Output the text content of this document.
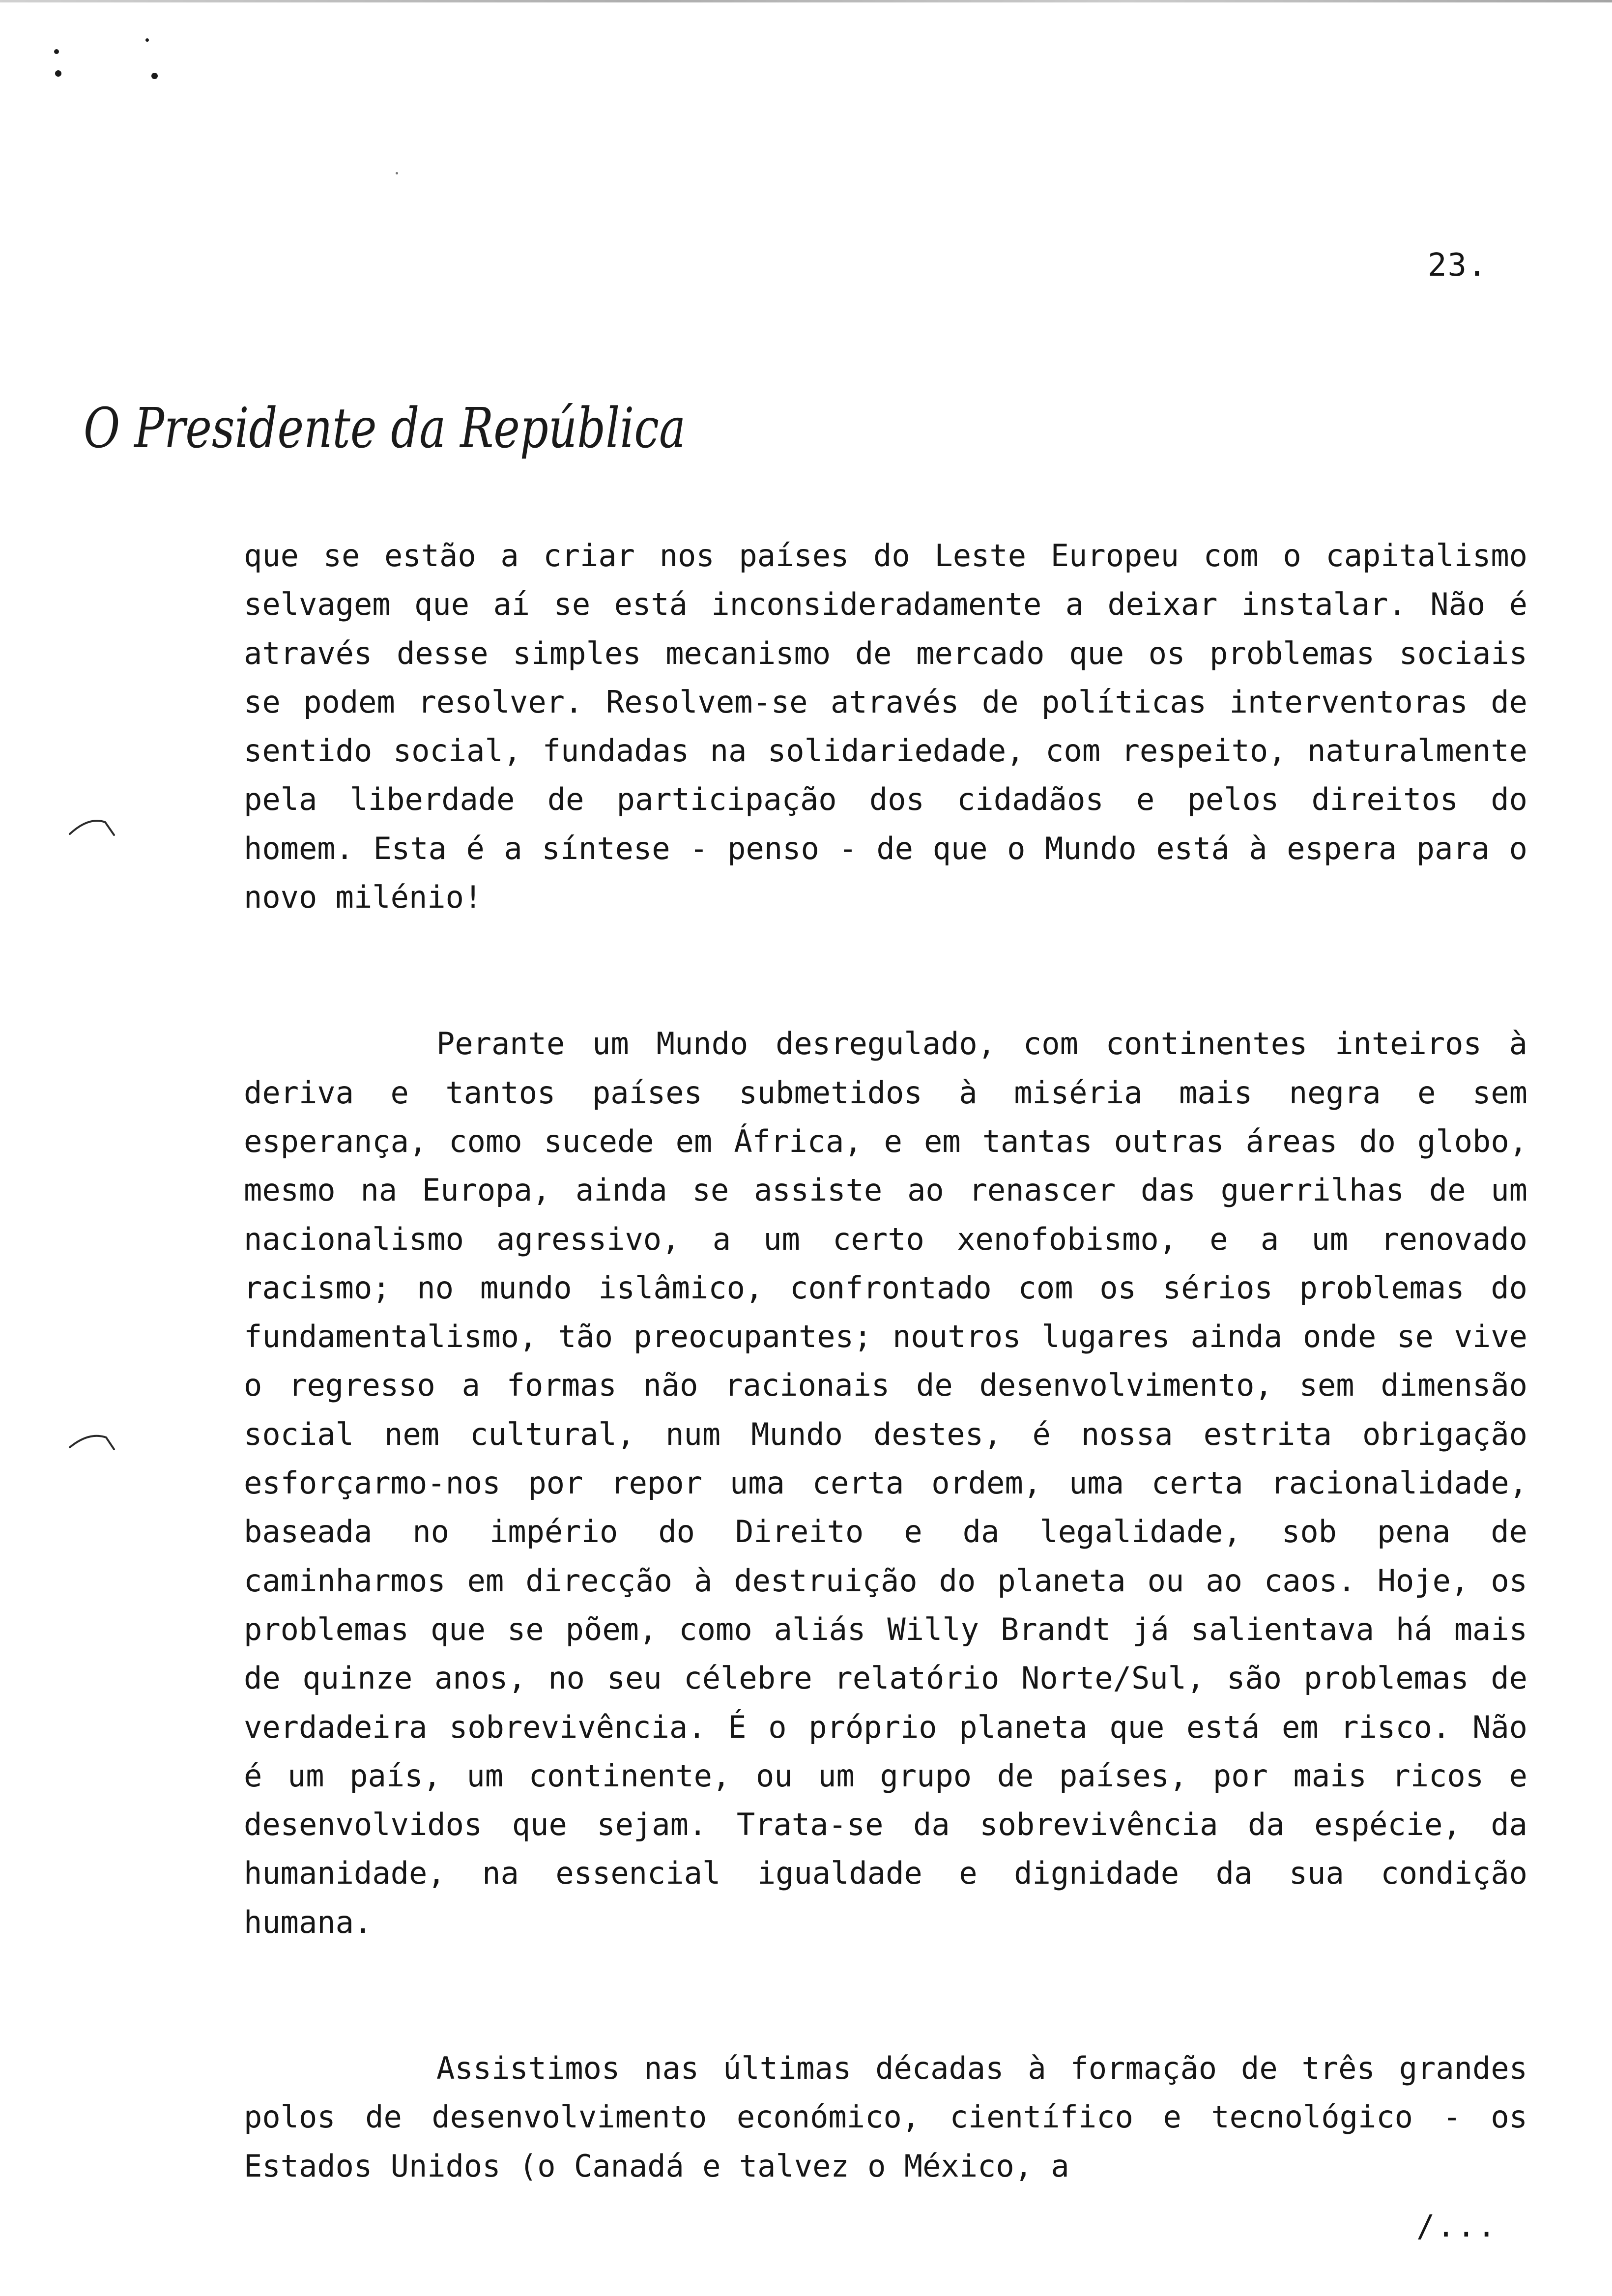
23.
O Presidente da República

que se estão a criar nos países do Leste Europeu com o capitalismo selvagem que aí se está inconsideradamente a deixar instalar. Não é através desse simples mecanismo de mercado que os problemas sociais se podem resolver. Resolvem-se através de políticas interventoras de sentido social, fundadas na solidariedade, com respeito, naturalmente pela liberdade de participação dos cidadãos e pelos direitos do homem. Esta é a síntese - penso - de que o Mundo está à espera para o novo milénio!

Perante um Mundo desregulado, com continentes inteiros à deriva e tantos países submetidos à miséria mais negra e sem esperança, como sucede em África, e em tantas outras áreas do globo, mesmo na Europa, ainda se assiste ao renascer das guerrilhas de um nacionalismo agressivo, a um certo xenofobismo, e a um renovado racismo; no mundo islâmico, confrontado com os sérios problemas do fundamentalismo, tão preocupantes; noutros lugares ainda onde se vive o regresso a formas não racionais de desenvolvimento, sem dimensão social nem cultural, num Mundo destes, é nossa estrita obrigação esforçarmo-nos por repor uma certa ordem, uma certa racionalidade, baseada no império do Direito e da legalidade, sob pena de caminharmos em direcção à destruição do planeta ou ao caos. Hoje, os problemas que se põem, como aliás Willy Brandt já salientava há mais de quinze anos, no seu célebre relatório Norte/Sul, são problemas de verdadeira sobrevivência. É o próprio planeta que está em risco. Não é um país, um continente, ou um grupo de países, por mais ricos e desenvolvidos que sejam. Trata-se da sobrevivência da espécie, da humanidade, na essencial igualdade e dignidade da sua condição humana.

Assistimos nas últimas décadas à formação de três grandes polos de desenvolvimento económico, científico e tecnológico - os Estados Unidos (o Canadá e talvez o México, a

/...
